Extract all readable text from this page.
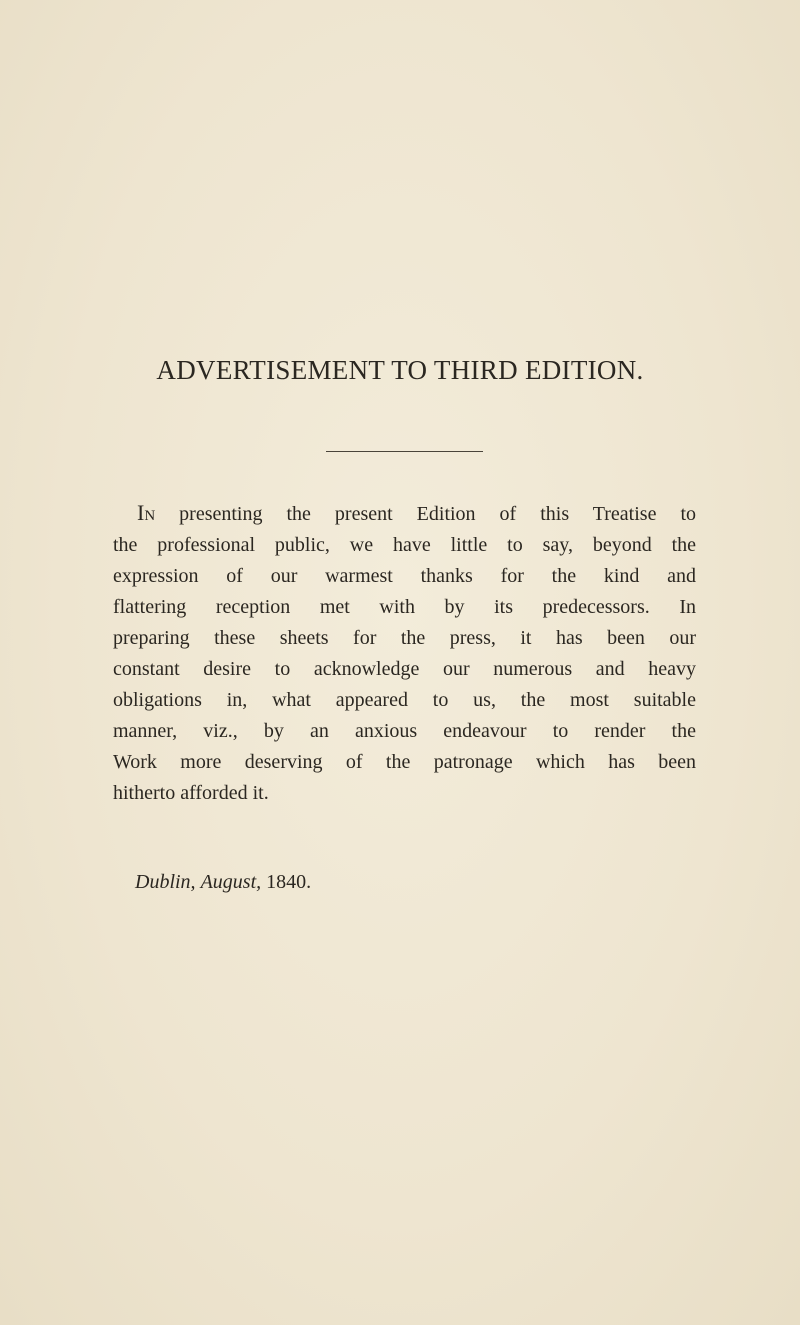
ADVERTISEMENT TO THIRD EDITION.
In presenting the present Edition of this Treatise to
the professional public, we have little to say, beyond the
expression of our warmest thanks for the kind and
flattering reception met with by its predecessors. In
preparing these sheets for the press, it has been our
constant desire to acknowledge our numerous and heavy
obligations in, what appeared to us, the most suitable
manner, viz., by an anxious endeavour to render the
Work more deserving of the patronage which has been
hitherto afforded it.
Dublin, August, 1840.
